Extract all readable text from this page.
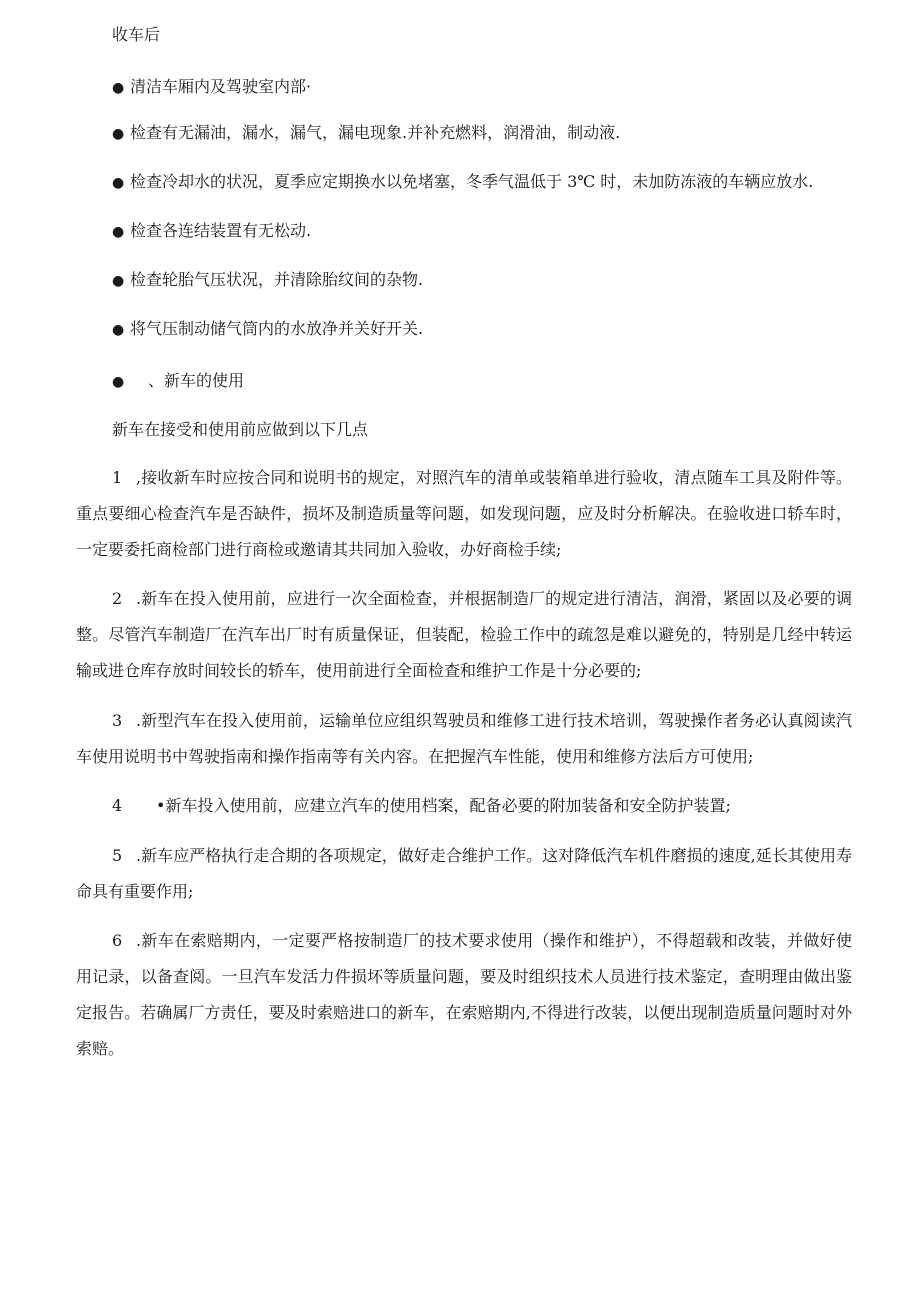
收车后

● 清洁车厢内及驾驶室内部·
● 检查有无漏油，漏水，漏气，漏电现象.并补充燃料，润滑油，制动液.
● 检查冷却水的状况，夏季应定期换水以免堵塞，冬季气温低于 3℃ 时，未加防冻液的车辆应放水.
● 检查各连结装置有无松动.
● 检查轮胎气压状况，并清除胎纹间的杂物.
● 将气压制动储气筒内的水放净并关好开关.
● 、新车的使用

新车在接受和使用前应做到以下几点

1 ,接收新车时应按合同和说明书的规定，对照汽车的清单或装箱单进行验收，清点随车工具及附件等。重点要细心检查汽车是否缺件，损坏及制造质量等问题，如发现问题，应及时分析解决。在验收进口轿车时，一定要委托商检部门进行商检或邀请其共同加入验收，办好商检手续;

2 .新车在投入使用前，应进行一次全面检查，并根据制造厂的规定进行清洁，润滑，紧固以及必要的调整。尽管汽车制造厂在汽车出厂时有质量保证，但装配，检验工作中的疏忽是难以避免的，特别是几经中转运输或进仓库存放时间较长的轿车，使用前进行全面检查和维护工作是十分必要的;

3 .新型汽车在投入使用前，运输单位应组织驾驶员和维修工进行技术培训，驾驶操作者务必认真阅读汽车使用说明书中驾驶指南和操作指南等有关内容。在把握汽车性能，使用和维修方法后方可使用;

4 •新车投入使用前，应建立汽车的使用档案，配备必要的附加装备和安全防护装置;

5 .新车应严格执行走合期的各项规定，做好走合维护工作。这对降低汽车机件磨损的速度,延长其使用寿命具有重要作用;

6 .新车在索赔期内，一定要严格按制造厂的技术要求使用（操作和维护），不得超载和改装，并做好使用记录，以备查阅。一旦汽车发活力件损坏等质量问题，要及时组织技术人员进行技术鉴定，查明理由做出鉴定报告。若确属厂方责任，要及时索赔进口的新车，在索赔期内,不得进行改装，以便出现制造质量问题时对外索赔。
